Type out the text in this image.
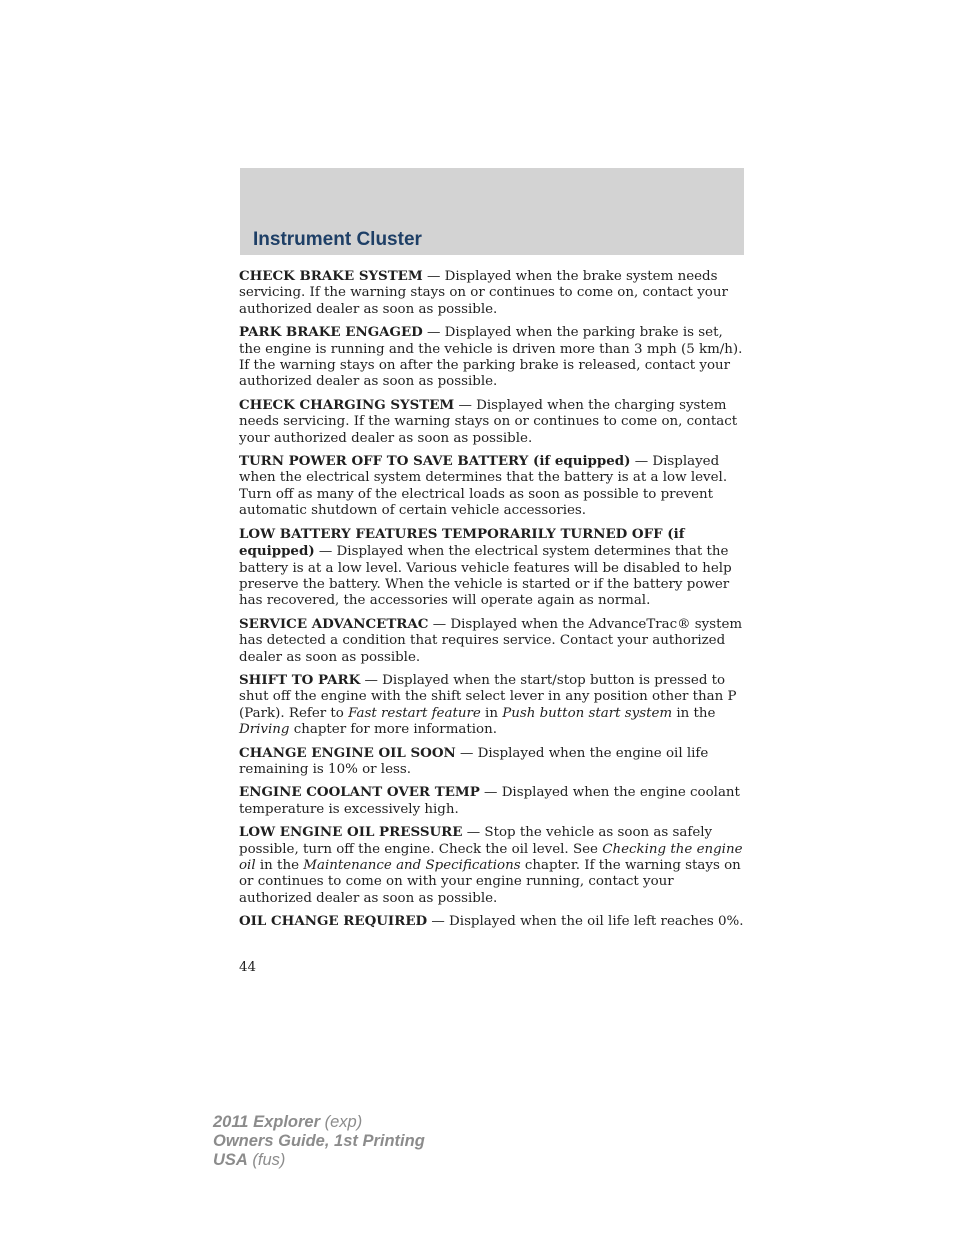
Instrument Cluster

CHECK BRAKE SYSTEM — Displayed when the brake system needs servicing. If the warning stays on or continues to come on, contact your authorized dealer as soon as possible.

PARK BRAKE ENGAGED — Displayed when the parking brake is set, the engine is running and the vehicle is driven more than 3 mph (5 km/h). If the warning stays on after the parking brake is released, contact your authorized dealer as soon as possible.

CHECK CHARGING SYSTEM — Displayed when the charging system needs servicing. If the warning stays on or continues to come on, contact your authorized dealer as soon as possible.

TURN POWER OFF TO SAVE BATTERY (if equipped) — Displayed when the electrical system determines that the battery is at a low level. Turn off as many of the electrical loads as soon as possible to prevent automatic shutdown of certain vehicle accessories.

LOW BATTERY FEATURES TEMPORARILY TURNED OFF (if equipped) — Displayed when the electrical system determines that the battery is at a low level. Various vehicle features will be disabled to help preserve the battery. When the vehicle is started or if the battery power has recovered, the accessories will operate again as normal.

SERVICE ADVANCETRAC — Displayed when the AdvanceTrac® system has detected a condition that requires service. Contact your authorized dealer as soon as possible.

SHIFT TO PARK — Displayed when the start/stop button is pressed to shut off the engine with the shift select lever in any position other than P (Park). Refer to Fast restart feature in Push button start system in the Driving chapter for more information.

CHANGE ENGINE OIL SOON — Displayed when the engine oil life remaining is 10% or less.

ENGINE COOLANT OVER TEMP — Displayed when the engine coolant temperature is excessively high.

LOW ENGINE OIL PRESSURE — Stop the vehicle as soon as safely possible, turn off the engine. Check the oil level. See Checking the engine oil in the Maintenance and Specifications chapter. If the warning stays on or continues to come on with your engine running, contact your authorized dealer as soon as possible.

OIL CHANGE REQUIRED — Displayed when the oil life left reaches 0%.

44
2011 Explorer (exp)
Owners Guide, 1st Printing
USA (fus)
